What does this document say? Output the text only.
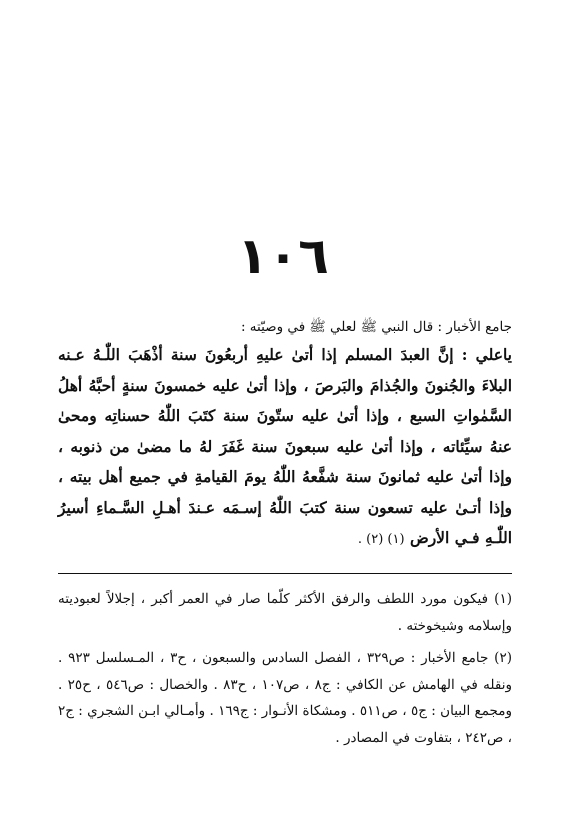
١٠٦
جامع الأخبار : قال النبي ﷺ لعلي ﷺ في وصيّته :
ياعلي : إنَّ العبدَ المسلم إذا أتىٰ عليهِ أربعُونَ سنة أذْهَبَ اللّٰـهُ عـنه البلاءَ والجُنونَ والجُذامَ والبَرصَ ، وإذا أتىٰ عليه خمسونَ سنةٍ أحبَّهُ أهلُ السَّمٰواتِ السبع ، وإذا أتىٰ عليه ستّونَ سنة كتَبَ اللّٰهُ حسناتِه ومحىٰ عنهُ سيِّئاته ، وإذا أتىٰ عليه سبعونَ سنة غَفَرَ لهُ ما مضىٰ من ذنوبه ، وإذا أتىٰ عليه ثمانونَ سنة شفَّعهُ اللّٰهُ يومَ القيامةِ في جميع أهل بيته ، وإذا أتـىٰ عليه تسعون سنة كتبَ اللّٰهُ إسـمَه عـندَ أهـلِ السَّـماءِ أسيرُ اللّٰـهِ فـي الأرض (١) (٢) .

(١) فيكون مورد اللطف والرفق الأكثر كلّما صار في العمر أكبر ، إجلالاً لعبوديته وإسلامه وشيخوخته .

(٢) جامع الأخبار : ص٣٢٩ ، الفصل السادس والسبعون ، ح٣ ، المـسلسل ٩٢٣ . ونقله في الهامش عن الكافي : ج٨ ، ص١٠٧ ، ح٨٣ . والخصال : ص٥٤٦ ، ح٢٥ . ومجمع البيان : ج٥ ، ص٥١١ . ومشكاة الأنـوار : ج١٦٩ . وأمـالي ابـن الشجري : ج٢ ، ص٢٤٢ ، بتفاوت في المصادر .
